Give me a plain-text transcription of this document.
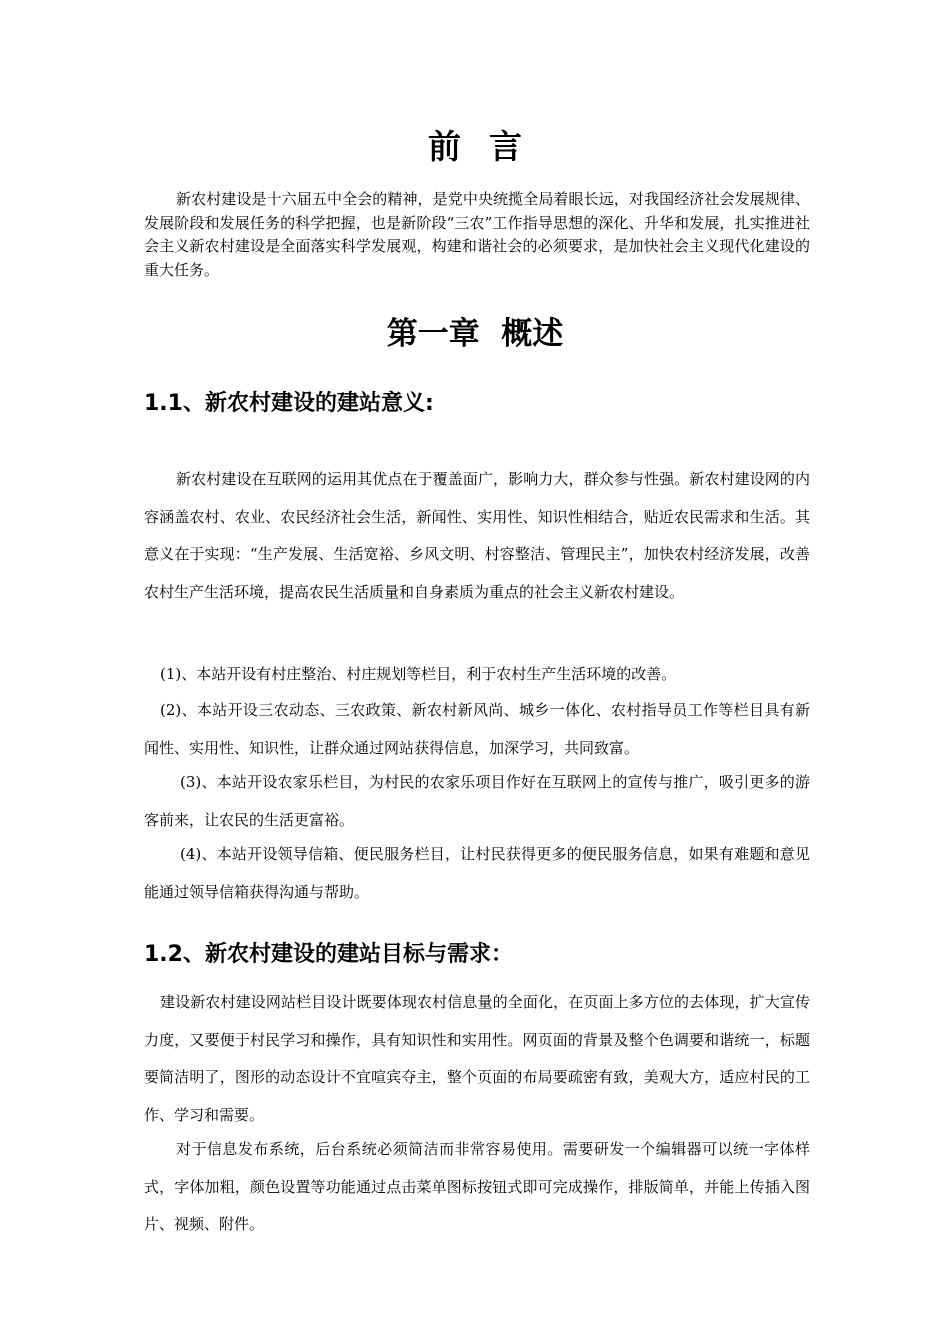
前言

新农村建设是十六届五中全会的精神，是党中央统揽全局着眼长远，对我国经济社会发展规律、发展阶段和发展任务的科学把握，也是新阶段“三农”工作指导思想的深化、升华和发展，扎实推进社会主义新农村建设是全面落实科学发展观，构建和谐社会的必须要求，是加快社会主义现代化建设的重大任务。

第一章  概述
1.1、新农村建设的建站意义:

新农村建设在互联网的运用其优点在于覆盖面广，影响力大，群众参与性强。新农村建设网的内容涵盖农村、农业、农民经济社会生活，新闻性、实用性、知识性相结合，贴近农民需求和生活。其意义在于实现：“生产发展、生活宽裕、乡风文明、村容整洁、管理民主”，加快农村经济发展，改善农村生产生活环境，提高农民生活质量和自身素质为重点的社会主义新农村建设。

(1)、本站开设有村庄整治、村庄规划等栏目，利于农村生产生活环境的改善。

(2)、本站开设三农动态、三农政策、新农村新风尚、城乡一体化、农村指导员工作等栏目具有新闻性、实用性、知识性，让群众通过网站获得信息，加深学习，共同致富。

(3)、本站开设农家乐栏目，为村民的农家乐项目作好在互联网上的宣传与推广，吸引更多的游客前来，让农民的生活更富裕。

(4)、本站开设领导信箱、便民服务栏目，让村民获得更多的便民服务信息，如果有难题和意见能通过领导信箱获得沟通与帮助。

1.2、新农村建设的建站目标与需求：

建设新农村建设网站栏目设计既要体现农村信息量的全面化，在页面上多方位的去体现，扩大宣传力度，又要便于村民学习和操作，具有知识性和实用性。网页面的背景及整个色调要和谐统一，标题要简洁明了，图形的动态设计不宜喧宾夺主，整个页面的布局要疏密有致，美观大方，适应村民的工作、学习和需要。

对于信息发布系统，后台系统必须简洁而非常容易使用。需要研发一个编辑器可以统一字体样式，字体加粗，颜色设置等功能通过点击菜单图标按钮式即可完成操作，排版简单，并能上传插入图片、视频、附件。
